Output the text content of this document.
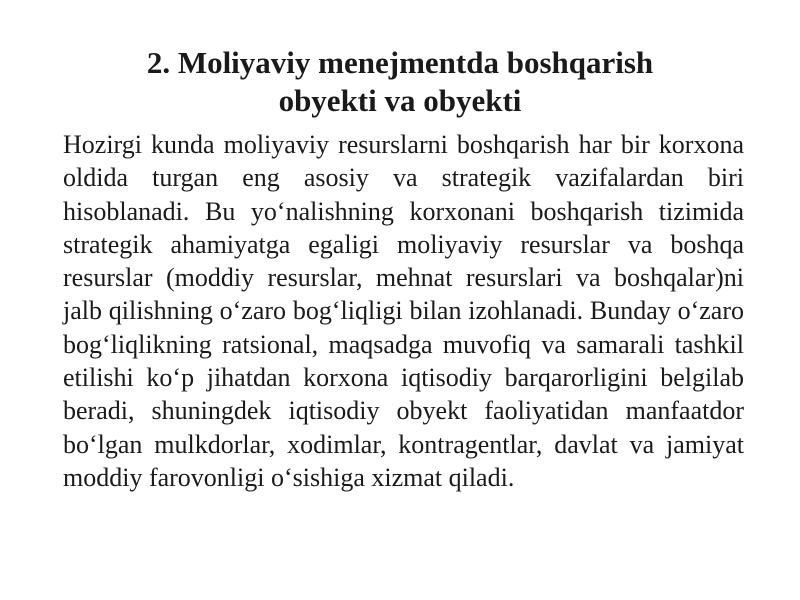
2. Moliyaviy menejmentda boshqarish
obyekti va obyekti

Hozirgi kunda moliyaviy resurslarni boshqarish har bir korxona oldida turgan eng asosiy va strategik vazifalardan biri hisoblanadi. Bu yo‘nalishning korxonani boshqarish tizimida strategik ahamiyatga egaligi moliyaviy resurslar va boshqa resurslar (moddiy resurslar, mehnat resurslari va boshqalar)ni jalb qilishning o‘zaro bog‘liqligi bilan izohlanadi. Bunday o‘zaro bog‘liqlikning ratsional, maqsadga muvofiq va samarali tashkil etilishi ko‘p jihatdan korxona iqtisodiy barqarorligini belgilab beradi, shuningdek iqtisodiy obyekt faoliyatidan manfaatdor bo‘lgan mulkdorlar, xodimlar, kontragentlar, davlat va jamiyat moddiy farovonligi o‘sishiga xizmat qiladi.
